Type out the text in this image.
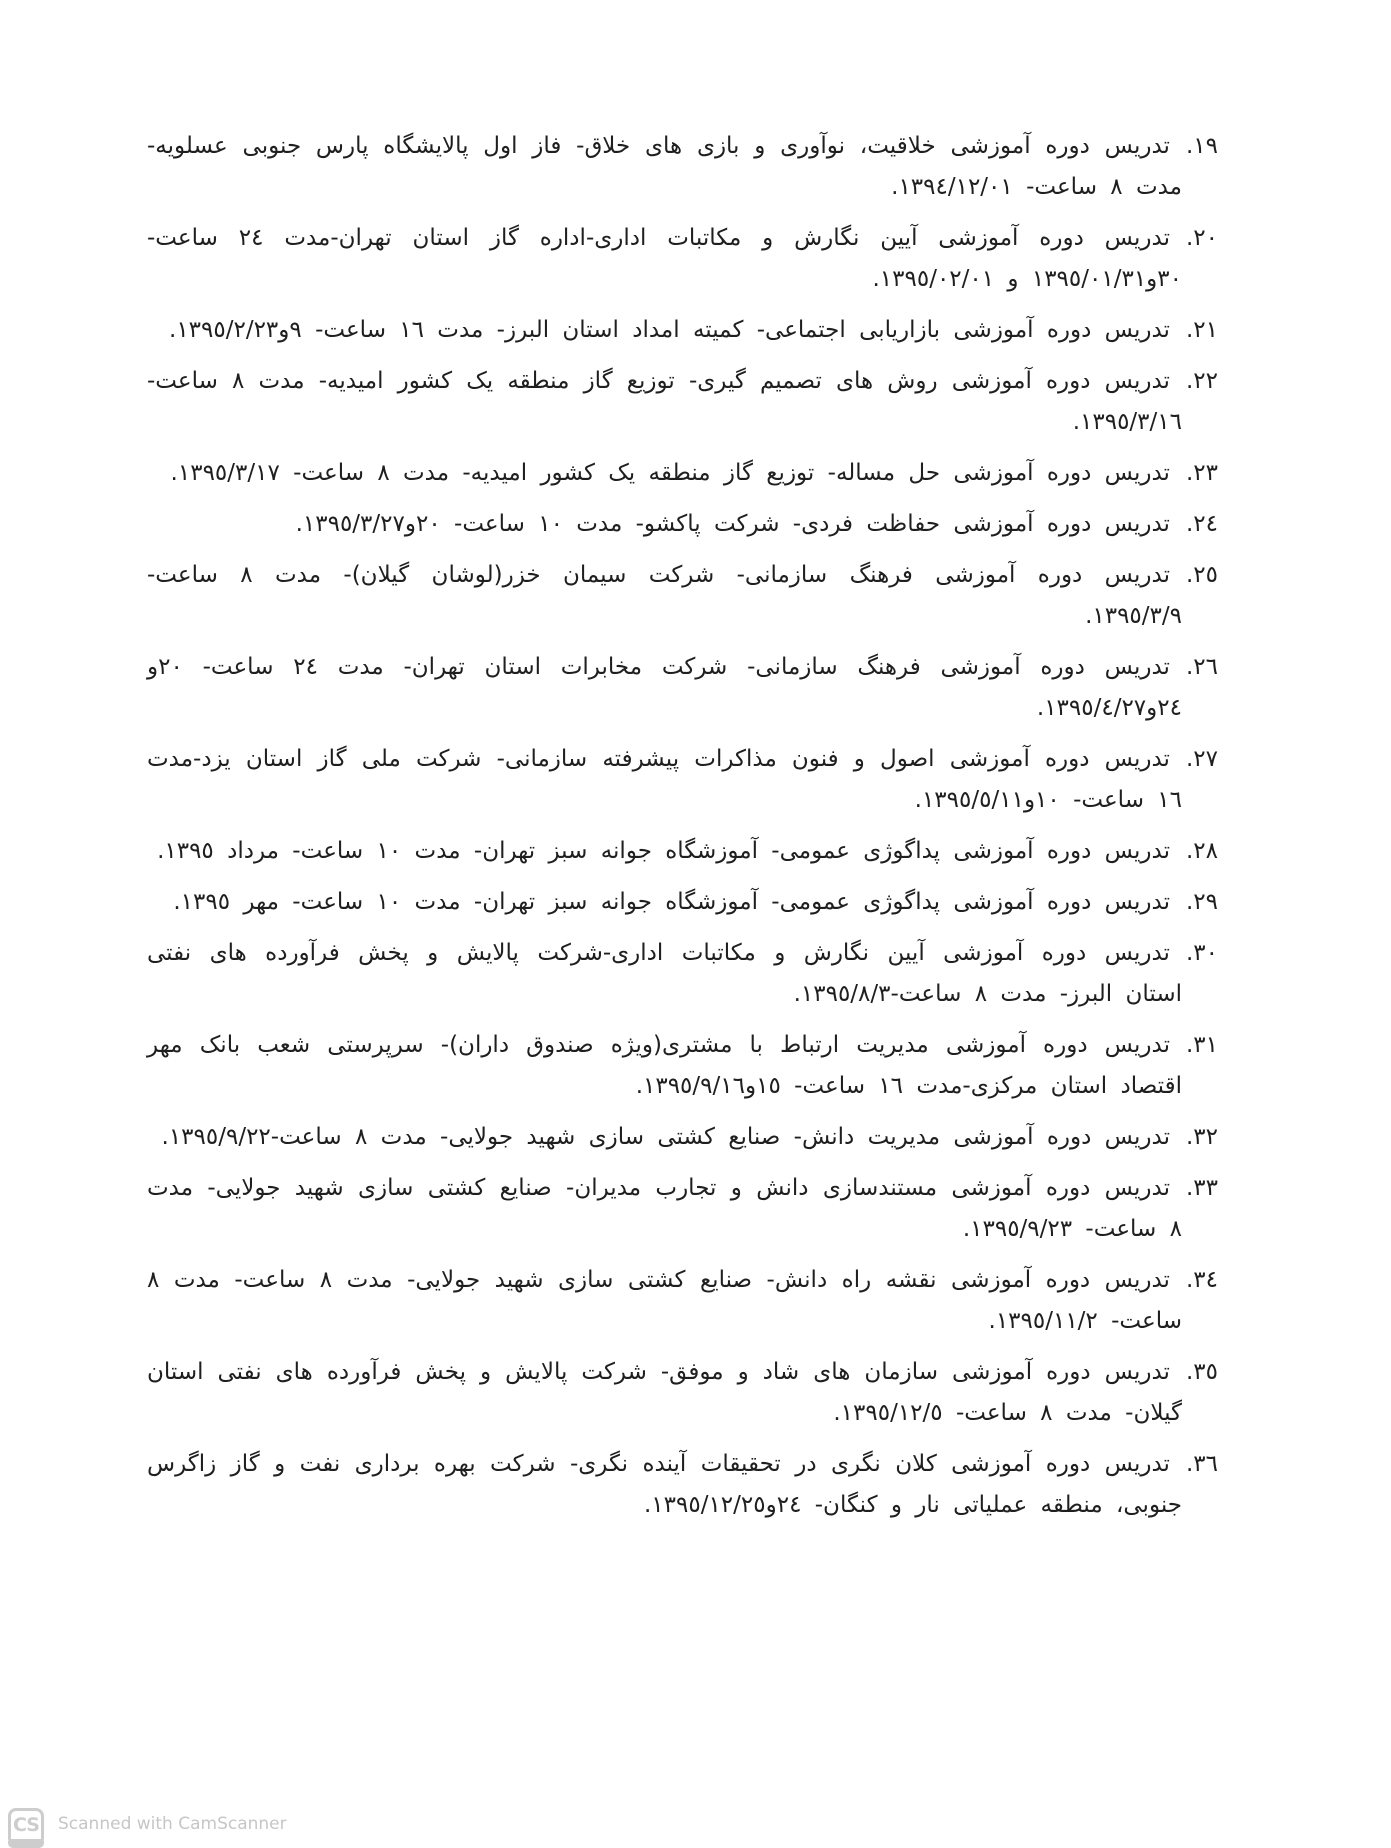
١٩.تدریس دوره آموزشی خلاقیت، نوآوری و بازی های خلاق- فاز اول پالایشگاه پارس جنوبی عسلویه- مدت ٨ ساعت- ١٣٩٤/١٢/٠١.

٢٠.تدریس دوره آموزشی آیین نگارش و مکاتبات اداری-اداره گاز استان تهران-مدت ٢٤ ساعت- ٣٠و١٣٩٥/٠١/٣١ و ١٣٩٥/٠٢/٠١.

٢١.تدریس دوره آموزشی بازاریابی اجتماعی- کمیته امداد استان البرز- مدت ١٦ ساعت- ٩و١٣٩٥/٢/٢٣.

٢٢.تدریس دوره آموزشی روش های تصمیم گیری- توزیع گاز منطقه یک کشور امیدیه- مدت ٨ ساعت- ١٣٩٥/٣/١٦.

٢٣.تدریس دوره آموزشی حل مساله- توزیع گاز منطقه یک کشور امیدیه- مدت ٨ ساعت- ١٣٩٥/٣/١٧.

٢٤.تدریس دوره آموزشی حفاظت فردی- شرکت پاکشو- مدت ١٠ ساعت- ٢٠و١٣٩٥/٣/٢٧.

٢٥.تدریس دوره آموزشی فرهنگ سازمانی- شرکت سیمان خزر(لوشان گیلان)- مدت ٨ ساعت- ١٣٩٥/٣/٩.

٢٦.تدریس دوره آموزشی فرهنگ سازمانی- شرکت مخابرات استان تهران- مدت ٢٤ ساعت- ٢٠و ٢٤و١٣٩٥/٤/٢٧.

٢٧.تدریس دوره آموزشی اصول و فنون مذاکرات پیشرفته سازمانی- شرکت ملی گاز استان یزد-مدت ١٦ ساعت- ١٠و١٣٩٥/٥/١١.

٢٨.تدریس دوره آموزشی پداگوژی عمومی- آموزشگاه جوانه سبز تهران- مدت ١٠ ساعت- مرداد ١٣٩٥.

٢٩.تدریس دوره آموزشی پداگوژی عمومی- آموزشگاه جوانه سبز تهران- مدت ١٠ ساعت- مهر ١٣٩٥.

٣٠.تدریس دوره آموزشی آیین نگارش و مکاتبات اداری-شرکت پالایش و پخش فرآورده های نفتی استان البرز- مدت ٨ ساعت-١٣٩٥/٨/٣.

٣١.تدریس دوره آموزشی مدیریت ارتباط با مشتری(ویژه صندوق داران)- سرپرستی شعب بانک مهر اقتصاد استان مرکزی-مدت ١٦ ساعت- ١٥و١٣٩٥/٩/١٦.

٣٢.تدریس دوره آموزشی مدیریت دانش- صنایع کشتی سازی شهید جولایی- مدت ٨ ساعت-١٣٩٥/٩/٢٢.

٣٣.تدریس دوره آموزشی مستندسازی دانش و تجارب مدیران- صنایع کشتی سازی شهید جولایی- مدت ٨ ساعت- ١٣٩٥/٩/٢٣.

٣٤.تدریس دوره آموزشی نقشه راه دانش- صنایع کشتی سازی شهید جولایی- مدت ٨ ساعت- مدت ٨ ساعت- ١٣٩٥/١١/٢.

٣٥.تدریس دوره آموزشی سازمان های شاد و موفق- شرکت پالایش و پخش فرآورده های نفتی استان گیلان- مدت ٨ ساعت- ١٣٩٥/١٢/٥.

٣٦.تدریس دوره آموزشی کلان نگری در تحقیقات آینده نگری- شرکت بهره برداری نفت و گاز زاگرس جنوبی، منطقه عملیاتی نار و کنگان- ٢٤و١٣٩٥/١٢/٢٥.

CS Scanned with CamScanner
